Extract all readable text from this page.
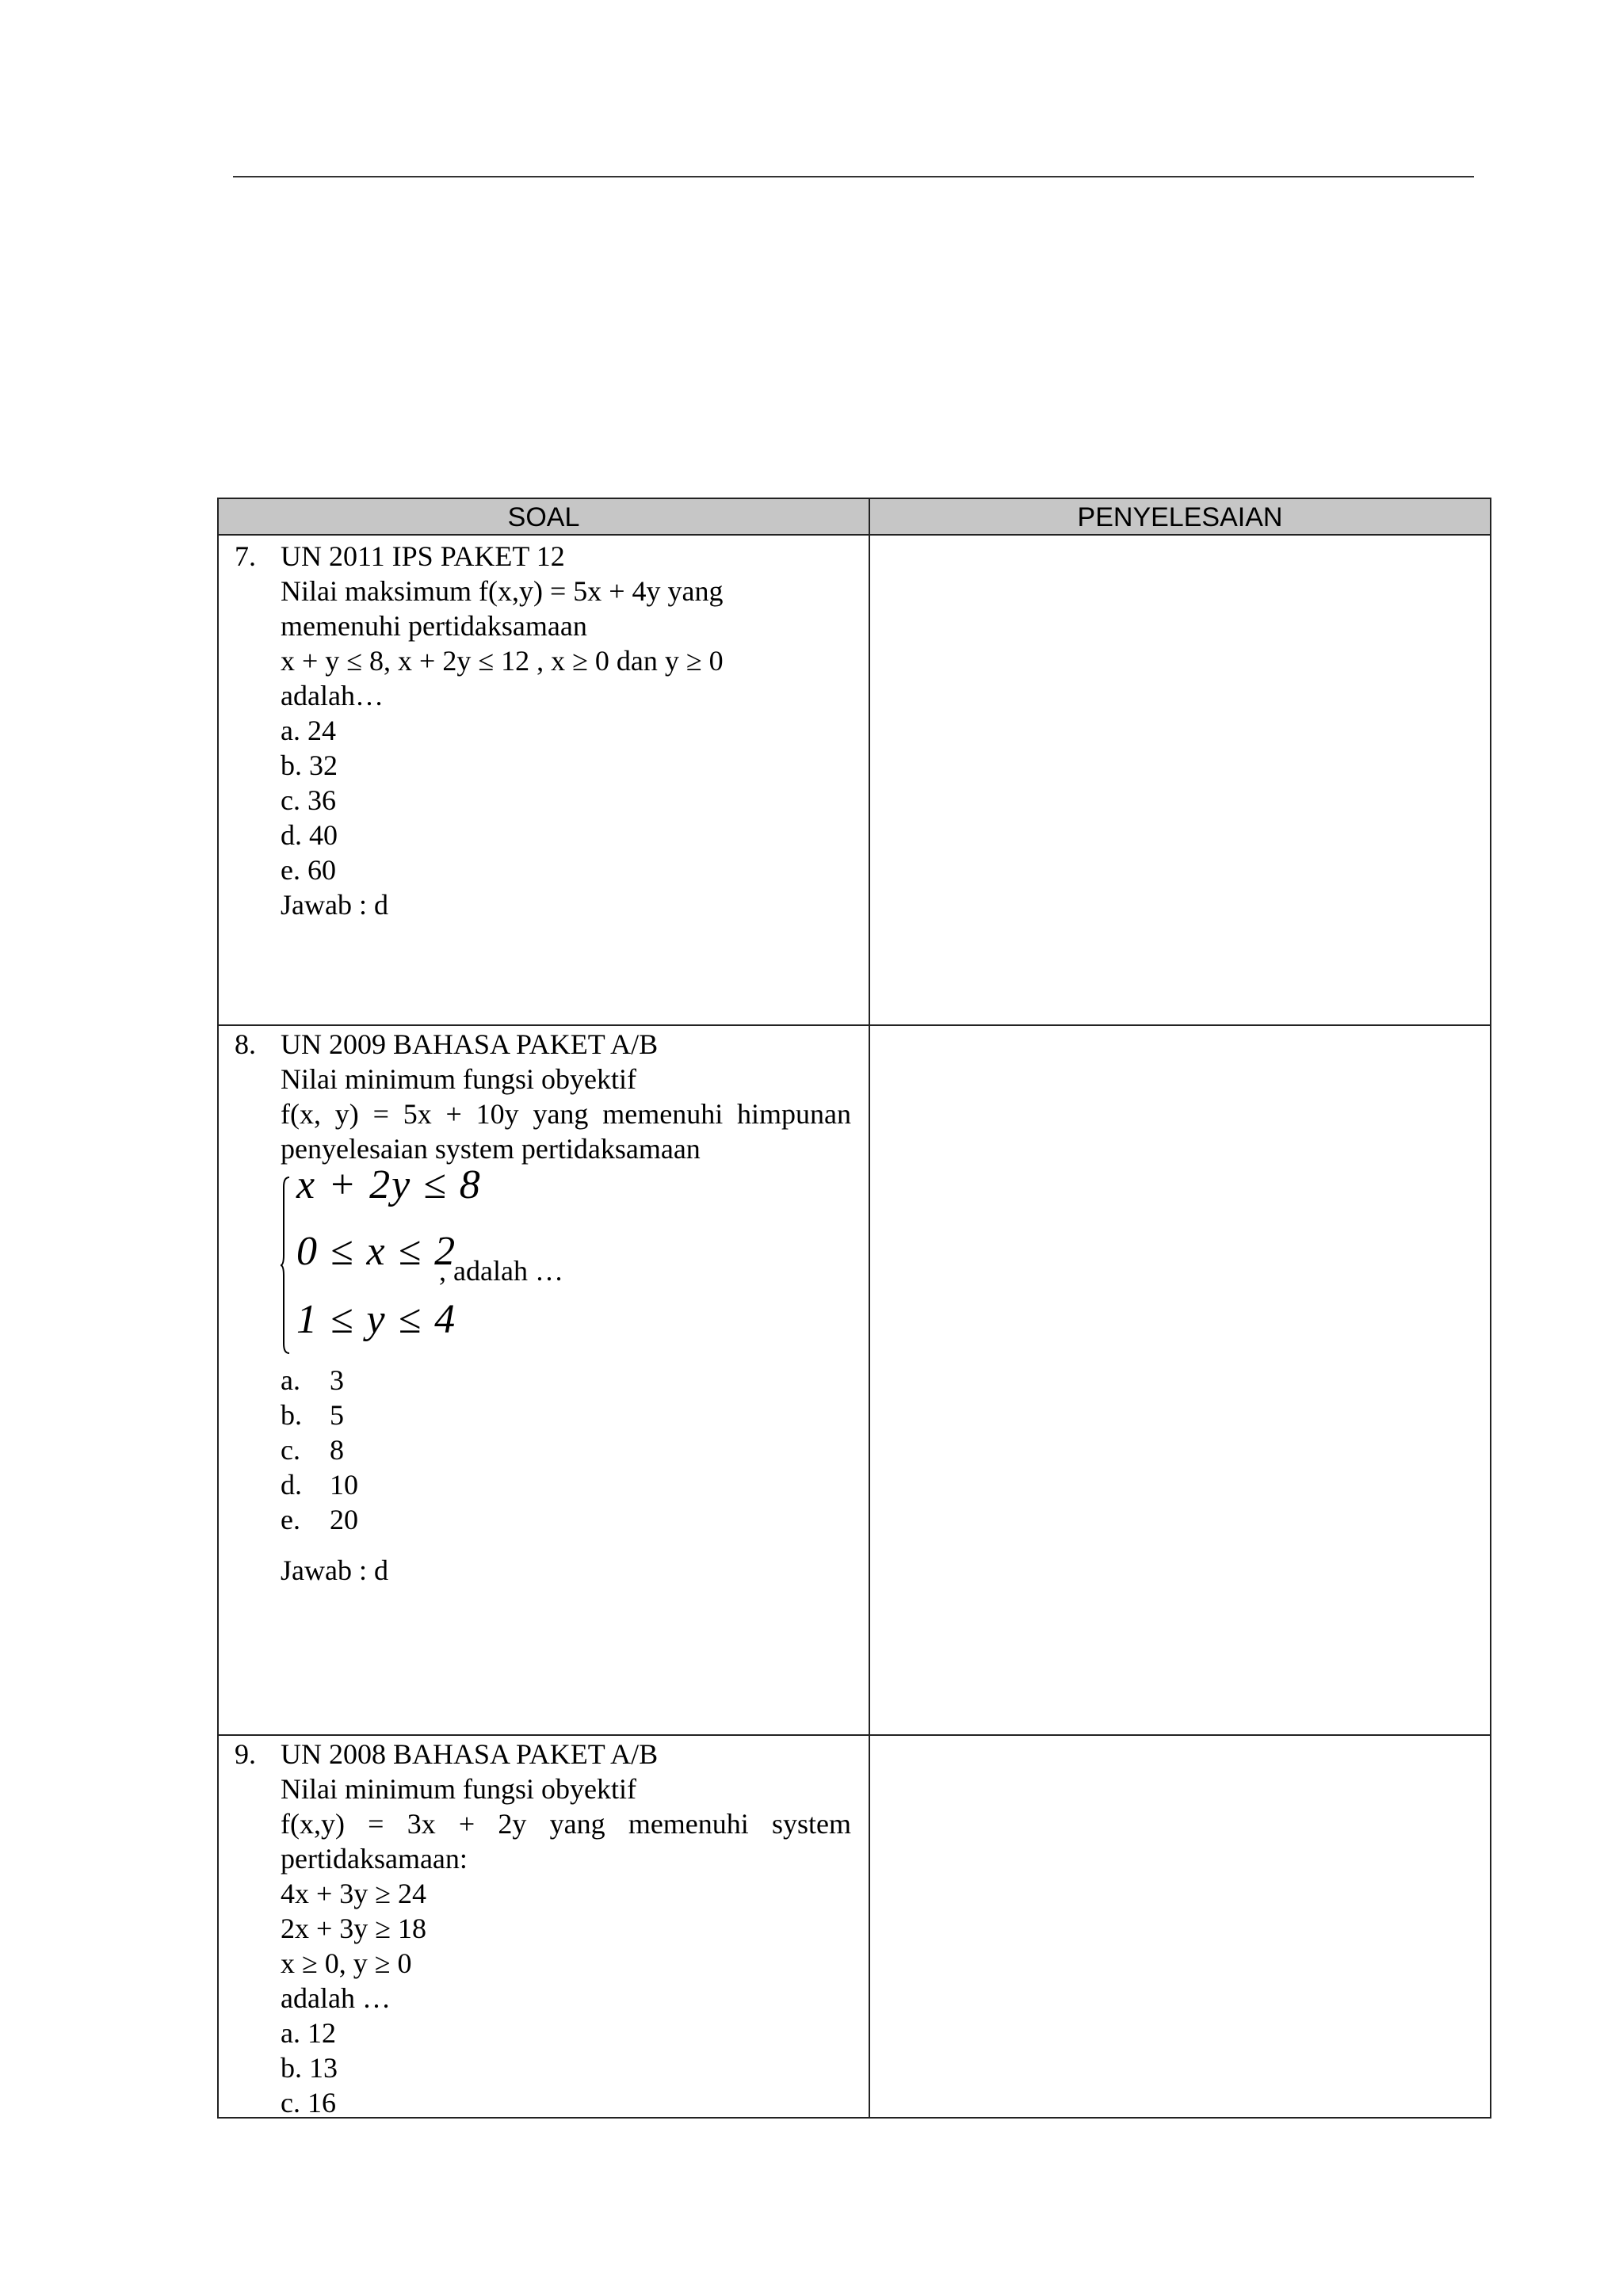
SOAL	PENYELESAIAN
7. UN 2011 IPS PAKET 12
Nilai maksimum f(x,y) = 5x + 4y yang
memenuhi pertidaksamaan
x + y ≤ 8, x + 2y ≤ 12 , x ≥ 0 dan y ≥ 0
adalah…
a. 24
b. 32
c. 36
d. 40
e. 60
Jawab : d
8. UN 2009 BAHASA PAKET A/B
Nilai minimum fungsi obyektif
f(x, y) = 5x + 10y yang memenuhi himpunan
penyelesaian system pertidaksamaan
x + 2y ≤ 8
0 ≤ x ≤ 2
1 ≤ y ≤ 4
, adalah …
a. 3
b. 5
c. 8
d. 10
e. 20
Jawab : d
9. UN 2008 BAHASA PAKET A/B
Nilai minimum fungsi obyektif
f(x,y) = 3x + 2y yang memenuhi system
pertidaksamaan:
4x + 3y ≥ 24
2x + 3y ≥ 18
x ≥ 0, y ≥ 0
adalah …
a. 12
b. 13
c. 16
